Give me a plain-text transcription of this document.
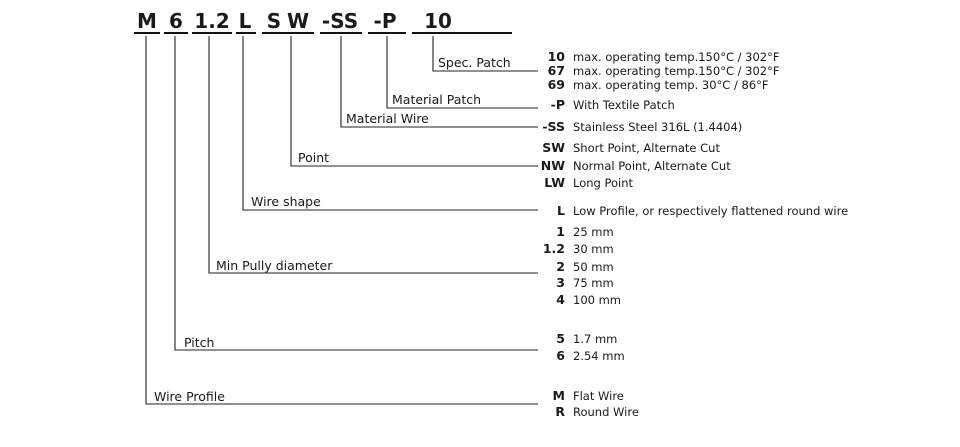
M 6 1.2 L S W -SS -P 10
Spec. Patch
Material Patch
Material Wire
Point
Wire shape
Min Pully diameter
Pitch
Wire Profile
10 max. operating temp.150°C / 302°F
67 max. operating temp.150°C / 302°F
69 max. operating temp. 30°C / 86°F
-P With Textile Patch
-SS Stainless Steel 316L (1.4404)
SW Short Point, Alternate Cut
NW Normal Point, Alternate Cut
LW Long Point
L Low Profile, or respectively flattened round wire
1 25 mm
1.2 30 mm
2 50 mm
3 75 mm
4 100 mm
5 1.7 mm
6 2.54 mm
M Flat Wire
R Round Wire
